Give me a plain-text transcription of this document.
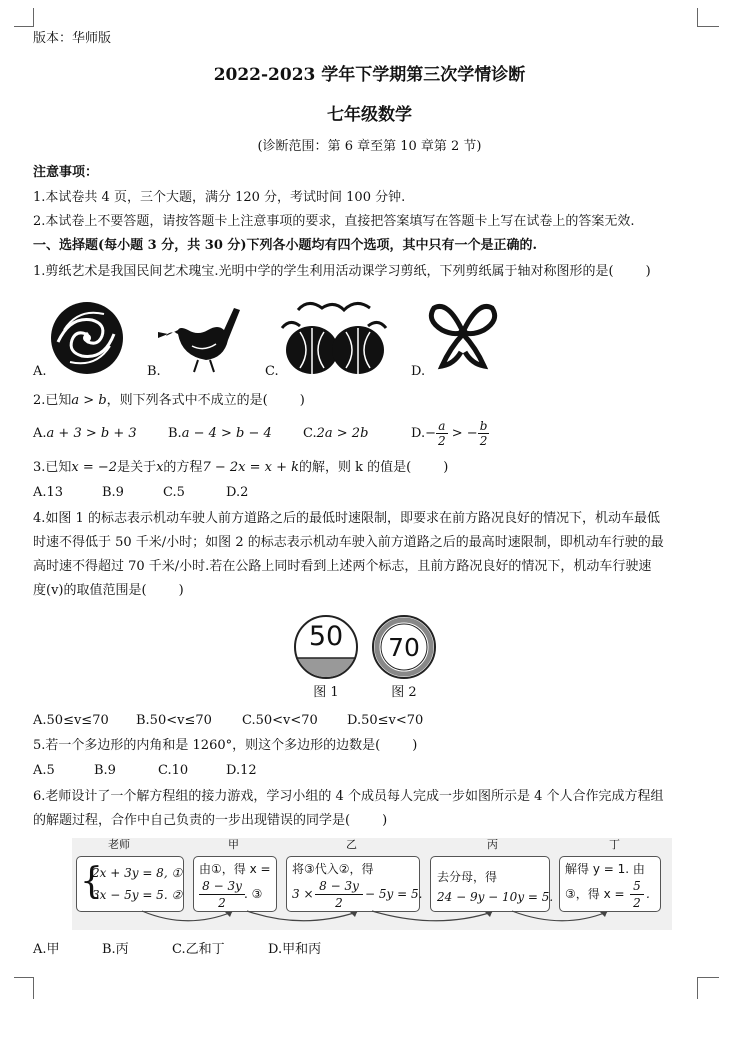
版本：华师版
2022-2023 学年下学期第三次学情诊断
七年级数学
(诊断范围：第 6 章至第 10 章第 2 节)
注意事项：
1.本试卷共 4 页，三个大题，满分 120 分，考试时间 100 分钟.
2.本试卷上不要答题，请按答题卡上注意事项的要求，直接把答案填写在答题卡上写在试卷上的答案无效.
一、选择题(每小题 3 分，共 30 分)下列各小题均有四个选项，其中只有一个是正确的.
1.剪纸艺术是我国民间艺术瑰宝.光明中学的学生利用活动课学习剪纸，下列剪纸属于轴对称图形的是( )
A.	B.	C.	D.
2.已知a > b，则下列各式中不成立的是( )
A.a + 3 > b + 3 B.a − 4 > b − 4 C.2a > 2b	$D.- \frac{a}{2}$ > − $\frac{b}{2}$
3.已知x = −2是关于x的方程7 − 2x = x + k的解，则 k 的值是( )
A.13	B.9	C.5	D.2
4.如图 1 的标志表示机动车驶人前方道路之后的最低时速限制，即要求在前方路况良好的情况下，机动车最低
时速不得低于 50 千米/小时；如图 2 的标志表示机动车驶入前方道路之后的最高时速限制，即机动车行驶的最
高时速不得超过 70 千米/小时.若在公路上同时看到上述两个标志，且前方路况良好的情况下，机动车行驶速
度(v)的取值范围是( )
50	70
图 1	图 2
A.50≤v≤70 B.50<v≤70 C.50<v<70 D.50≤v<70
5.若一个多边形的内角和是 1260°，则这个多边形的边数是( )
A.5	B.9	C.10	D.12
6.老师设计了一个解方程组的接力游戏，学习小组的 4 个成员每人完成一步如图所示是 4 个人合作完成方程组
的解题过程，合作中自己负责的一步出现错误的同学是( )
老师	甲	乙	丙	丁
{
2x + 3y = 8, ①
3x − 5y = 5. ②
由①，得 x =
8 − 3y
2
. ③
将③代入②，得
3 ×
8 − 3y
2
− 5y = 5.
去分母，得
24 − 9y − 10y = 5.
解得 y = 1. 由
③，得 x =
5
2
.
A.甲	B.丙	C.乙和丁	D.甲和丙
